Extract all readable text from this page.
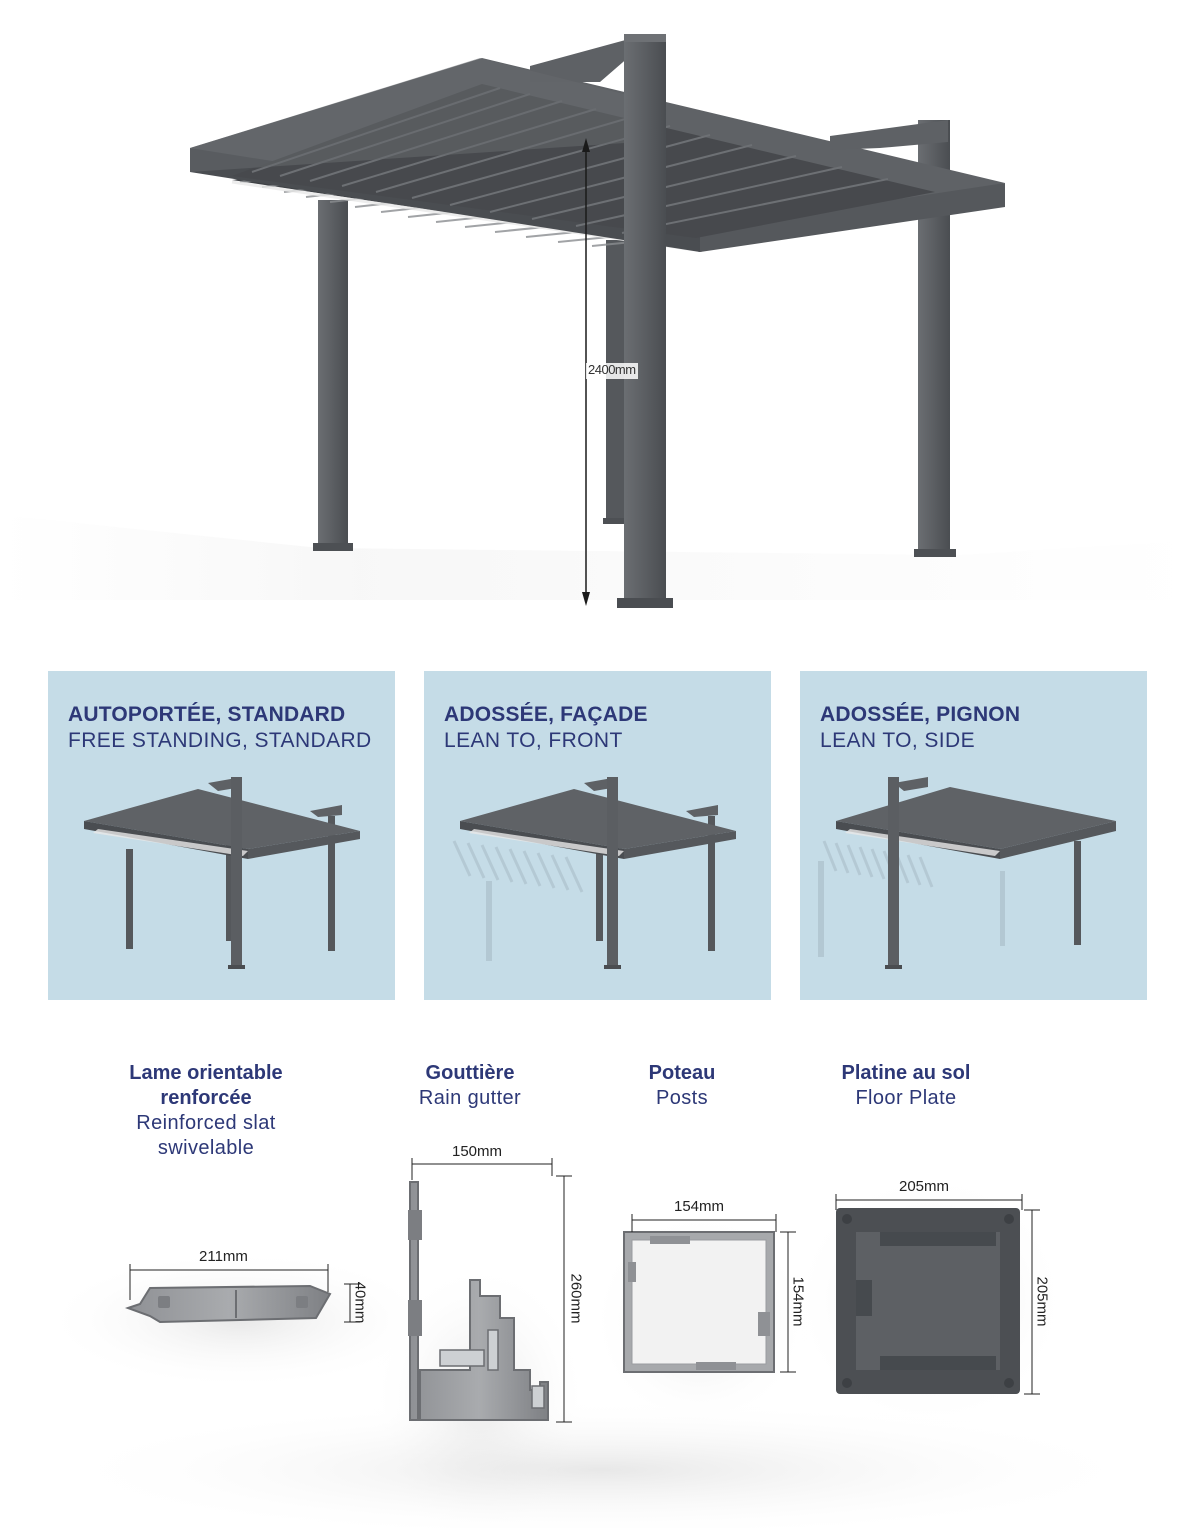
2400mm
AUTOPORTÉE, STANDARD
FREE STANDING, STANDARD
ADOSSÉE, FAÇADE
LEAN TO, FRONT
ADOSSÉE, PIGNON
LEAN TO, SIDE
Lame orientable
renforcée
Reinforced slat
swivelable
Gouttière
Rain gutter
Poteau
Posts
Platine au sol
Floor Plate
211mm
40mm
150mm
260mm
154mm
154mm
205mm
205mm
